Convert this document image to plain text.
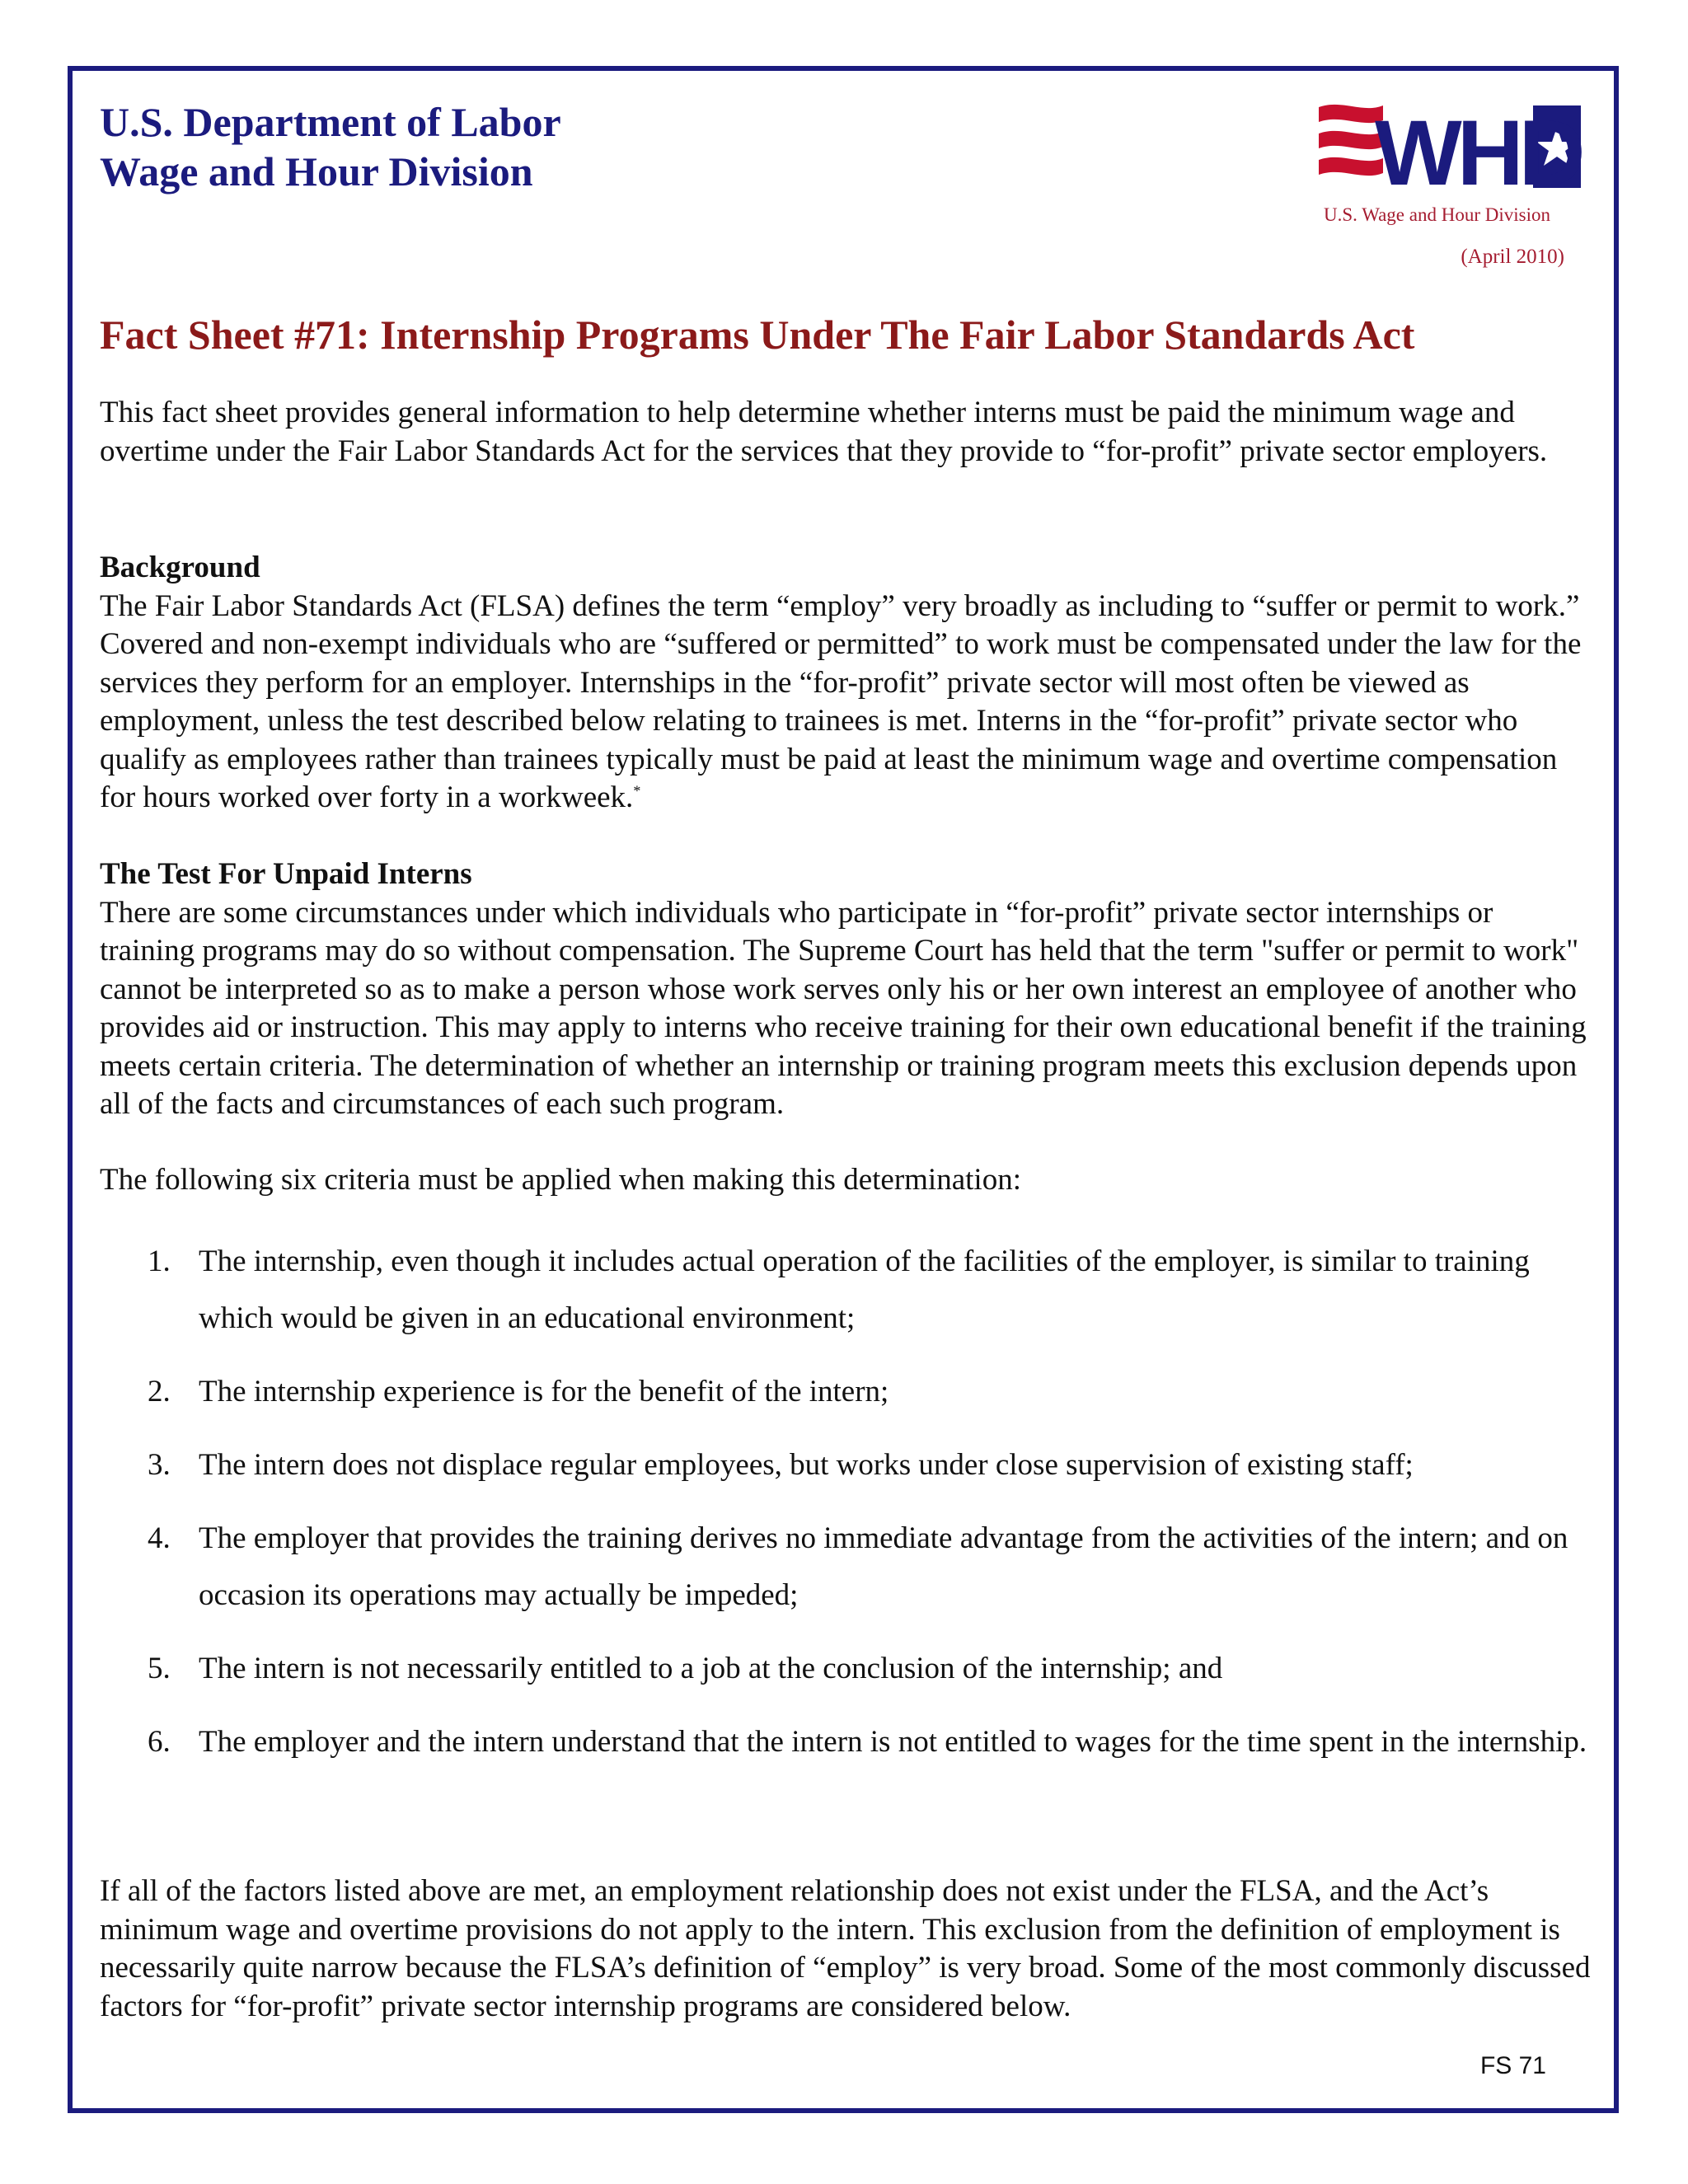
U.S. Department of Labor
Wage and Hour Division	WHD
U.S. Wage and Hour Division
(April 2010)
Fact Sheet #71: Internship Programs Under The Fair Labor Standards Act

This fact sheet provides general information to help determine whether interns must be paid the minimum wage and overtime under the Fair Labor Standards Act for the services that they provide to “for-profit” private sector employers.

Background

The Fair Labor Standards Act (FLSA) defines the term “employ” very broadly as including to “suffer or permit to work.” Covered and non-exempt individuals who are “suffered or permitted” to work must be compensated under the law for the services they perform for an employer. Internships in the “for-profit” private sector will most often be viewed as employment, unless the test described below relating to trainees is met. Interns in the “for-profit” private sector who qualify as employees rather than trainees typically must be paid at least the minimum wage and overtime compensation for hours worked over forty in a workweek.*

The Test For Unpaid Interns

There are some circumstances under which individuals who participate in “for-profit” private sector internships or training programs may do so without compensation. The Supreme Court has held that the term "suffer or permit to work" cannot be interpreted so as to make a person whose work serves only his or her own interest an employee of another who provides aid or instruction. This may apply to interns who receive training for their own educational benefit if the training meets certain criteria. The determination of whether an internship or training program meets this exclusion depends upon all of the facts and circumstances of each such program.

The following six criteria must be applied when making this determination:

1. The internship, even though it includes actual operation of the facilities of the employer, is similar to training which would be given in an educational environment;
2. The internship experience is for the benefit of the intern;
3. The intern does not displace regular employees, but works under close supervision of existing staff;
4. The employer that provides the training derives no immediate advantage from the activities of the intern; and on occasion its operations may actually be impeded;
5. The intern is not necessarily entitled to a job at the conclusion of the internship; and
6. The employer and the intern understand that the intern is not entitled to wages for the time spent in the internship.

If all of the factors listed above are met, an employment relationship does not exist under the FLSA, and the Act’s minimum wage and overtime provisions do not apply to the intern. This exclusion from the definition of employment is necessarily quite narrow because the FLSA’s definition of “employ” is very broad. Some of the most commonly discussed factors for “for-profit” private sector internship programs are considered below.

FS 71
